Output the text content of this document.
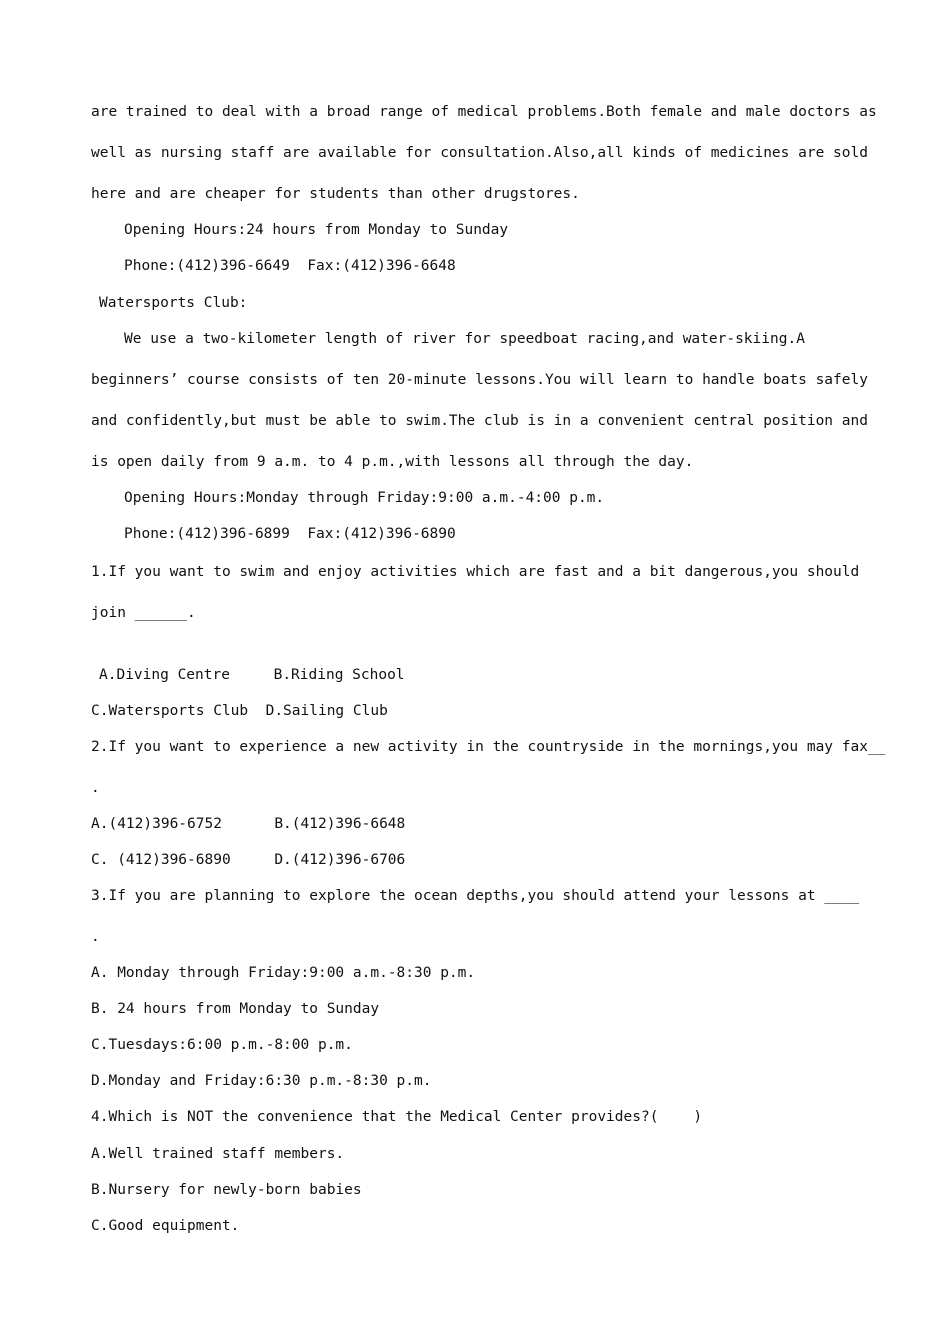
are trained to deal with a broad range of medical problems.Both female and male doctors as
well as nursing staff are available for consultation.Also,all kinds of medicines are sold
here and are cheaper for students than other drugstores.
Opening Hours:24 hours from Monday to Sunday
Phone:(412)396-6649  Fax:(412)396-6648
Watersports Club:
We use a two-kilometer length of river for speedboat racing,and water-skiing.A
beginners’ course consists of ten 20-minute lessons.You will learn to handle boats safely
and confidently,but must be able to swim.The club is in a convenient central position and
is open daily from 9 a.m. to 4 p.m.,with lessons all through the day.
Opening Hours:Monday through Friday:9:00 a.m.-4:00 p.m.
Phone:(412)396-6899  Fax:(412)396-6890
1.If you want to swim and enjoy activities which are fast and a bit dangerous,you should
join ______.
A.Diving Centre     B.Riding School
C.Watersports Club  D.Sailing Club
2.If you want to experience a new activity in the countryside in the mornings,you may fax__
.
A.(412)396-6752      B.(412)396-6648
C. (412)396-6890     D.(412)396-6706
3.If you are planning to explore the ocean depths,you should attend your lessons at ____
.
A. Monday through Friday:9:00 a.m.-8:30 p.m.
B. 24 hours from Monday to Sunday
C.Tuesdays:6:00 p.m.-8:00 p.m.
D.Monday and Friday:6:30 p.m.-8:30 p.m.
4.Which is NOT the convenience that the Medical Center provides?(    )
A.Well trained staff members.
B.Nursery for newly-born babies
C.Good equipment.
